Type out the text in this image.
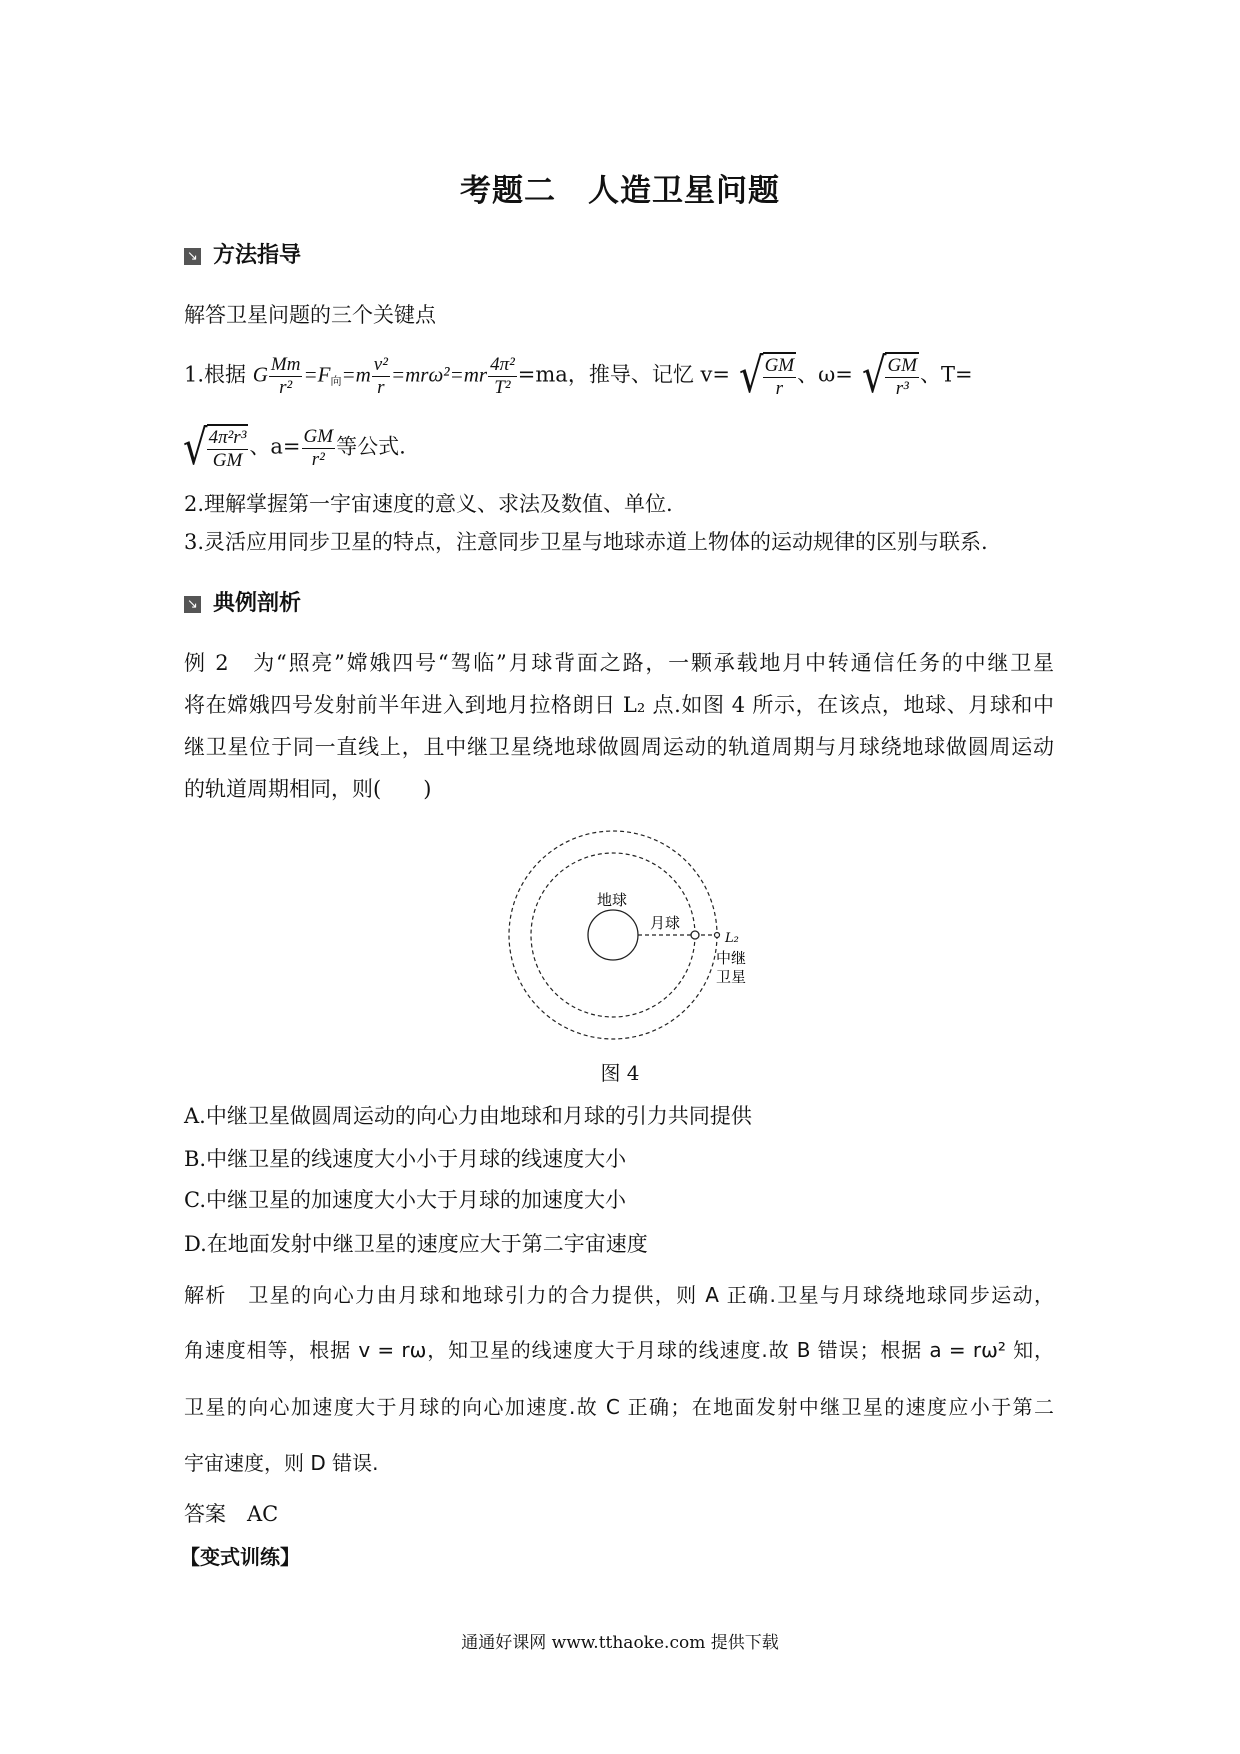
考题二　人造卫星问题
↘ 方法指导
解答卫星问题的三个关键点
1.根据 G $\frac{Mm}{\text{r²}} =F_向=m \frac{\text{v²}}{r} =mr\omega^2=mr \frac{\text{4π²}}{\text{T²}} =ma$，推导、记忆 v= √ $\frac{GM}{r}$ 、ω= √ $\frac{GM}{\text{r³}}$ 、T=
√ $\frac{\text{4π²r³}}{GM}$ 、$a= \frac{GM}{\text{r²}}$ 等公式.
2.理解掌握第一宇宙速度的意义、求法及数值、单位.
3.灵活应用同步卫星的特点，注意同步卫星与地球赤道上物体的运动规律的区别与联系.
↘ 典例剖析
例 2　为“照亮”嫦娥四号“驾临”月球背面之路，一颗承载地月中转通信任务的中继卫星
将在嫦娥四号发射前半年进入到地月拉格朗日 L₂ 点.如图 4 所示，在该点，地球、月球和中
继卫星位于同一直线上，且中继卫星绕地球做圆周运动的轨道周期与月球绕地球做圆周运动
的轨道周期相同，则(　　)
地球
月球
L₂
中继
卫星
图 4
A.中继卫星做圆周运动的向心力由地球和月球的引力共同提供
B.中继卫星的线速度大小小于月球的线速度大小
C.中继卫星的加速度大小大于月球的加速度大小
D.在地面发射中继卫星的速度应大于第二宇宙速度
解析　卫星的向心力由月球和地球引力的合力提供，则 A 正确.卫星与月球绕地球同步运动，
角速度相等，根据 v = rω，知卫星的线速度大于月球的线速度.故 B 错误；根据 a = rω² 知，
卫星的向心加速度大于月球的向心加速度.故 C 正确；在地面发射中继卫星的速度应小于第二
宇宙速度，则 D 错误.
答案　AC
【变式训练】
通通好课网 www.tthaoke.com 提供下载
